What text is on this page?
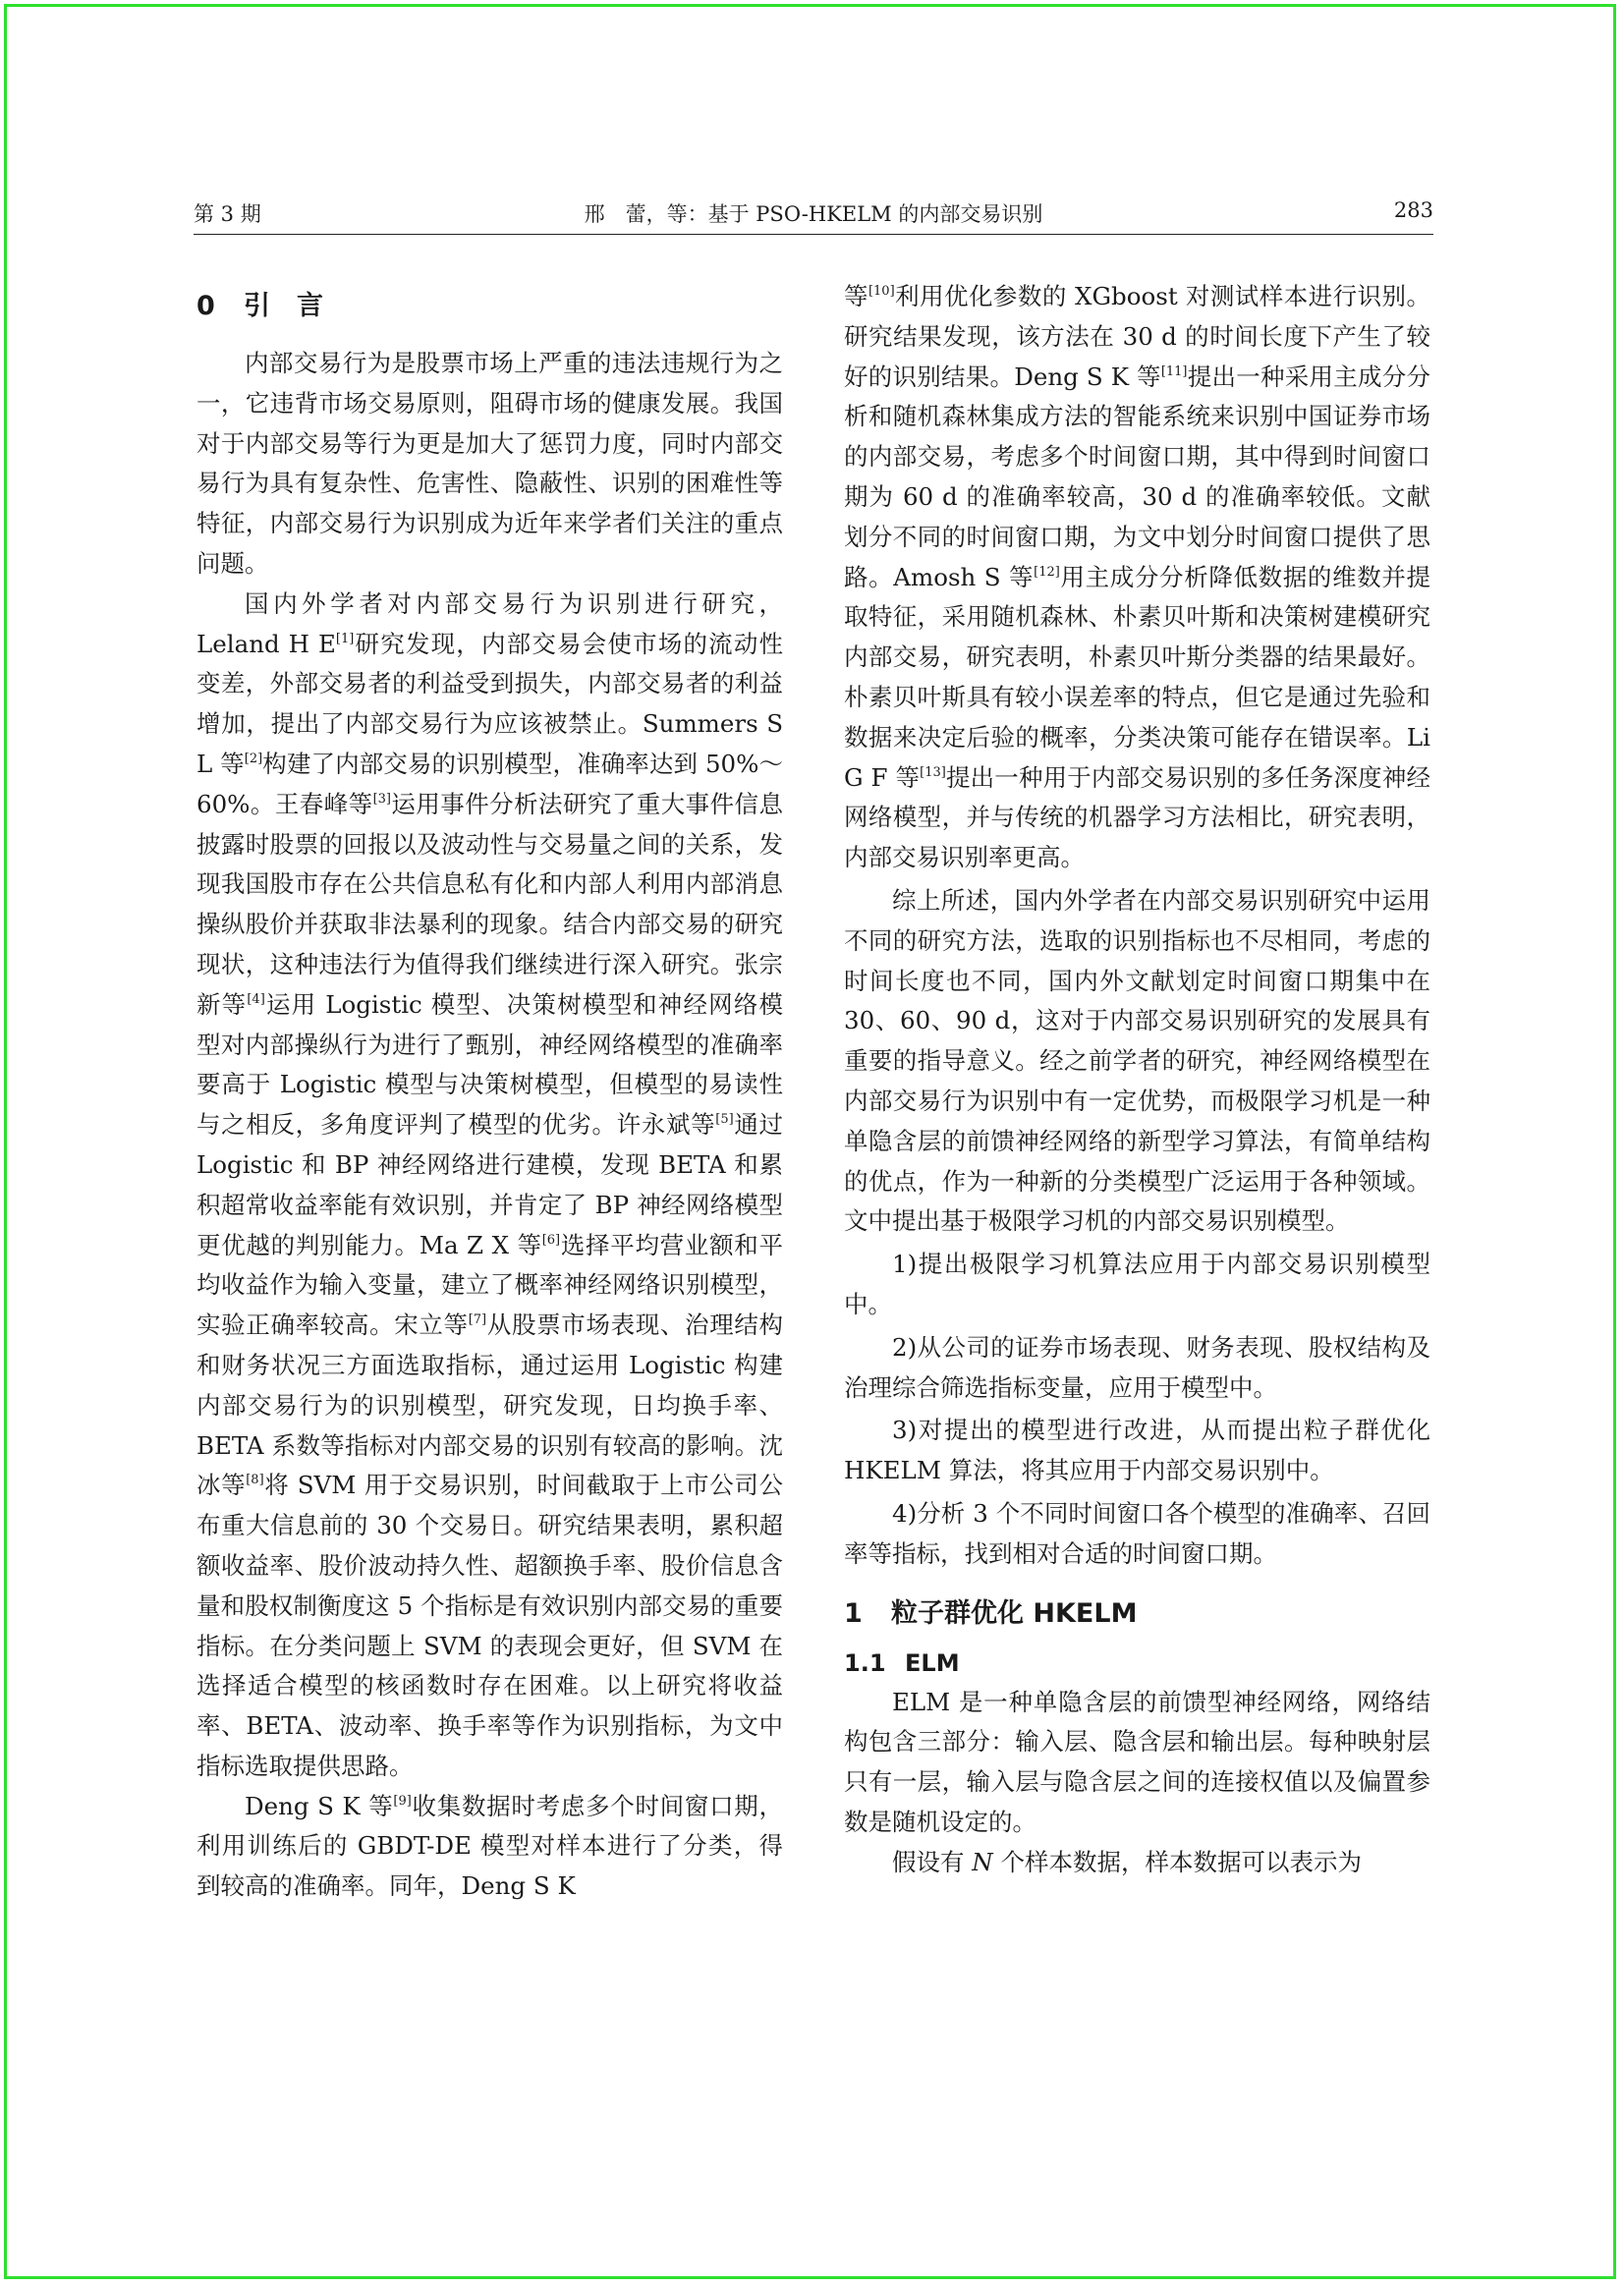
第 3 期	邢　蕾，等：基于 PSO-HKELM 的内部交易识别	283
0 引　言

内部交易行为是股票市场上严重的违法违规行为之一，它违背市场交易原则，阻碍市场的健康发展。我国对于内部交易等行为更是加大了惩罚力度，同时内部交易行为具有复杂性、危害性、隐蔽性、识别的困难性等特征，内部交易行为识别成为近年来学者们关注的重点问题。

国内外学者对内部交易行为识别进行研究，Leland H E[1]研究发现，内部交易会使市场的流动性变差，外部交易者的利益受到损失，内部交易者的利益增加，提出了内部交易行为应该被禁止。Summers S L 等[2]构建了内部交易的识别模型，准确率达到 50%～60%。王春峰等[3]运用事件分析法研究了重大事件信息披露时股票的回报以及波动性与交易量之间的关系，发现我国股市存在公共信息私有化和内部人利用内部消息操纵股价并获取非法暴利的现象。结合内部交易的研究现状，这种违法行为值得我们继续进行深入研究。张宗新等[4]运用 Logistic 模型、决策树模型和神经网络模型对内部操纵行为进行了甄别，神经网络模型的准确率要高于 Logistic 模型与决策树模型，但模型的易读性与之相反，多角度评判了模型的优劣。许永斌等[5]通过 Logistic 和 BP 神经网络进行建模，发现 BETA 和累积超常收益率能有效识别，并肯定了 BP 神经网络模型更优越的判别能力。Ma Z X 等[6]选择平均营业额和平均收益作为输入变量，建立了概率神经网络识别模型，实验正确率较高。宋立等[7]从股票市场表现、治理结构和财务状况三方面选取指标，通过运用 Logistic 构建内部交易行为的识别模型，研究发现，日均换手率、BETA 系数等指标对内部交易的识别有较高的影响。沈冰等[8]将 SVM 用于交易识别，时间截取于上市公司公布重大信息前的 30 个交易日。研究结果表明，累积超额收益率、股价波动持久性、超额换手率、股价信息含量和股权制衡度这 5 个指标是有效识别内部交易的重要指标。在分类问题上 SVM 的表现会更好，但 SVM 在选择适合模型的核函数时存在困难。以上研究将收益率、BETA、波动率、换手率等作为识别指标，为文中指标选取提供思路。

Deng S K 等[9]收集数据时考虑多个时间窗口期，利用训练后的 GBDT-DE 模型对样本进行了分类，得到较高的准确率。同年，Deng S K

等[10]利用优化参数的 XGboost 对测试样本进行识别。研究结果发现，该方法在 30 d 的时间长度下产生了较好的识别结果。Deng S K 等[11]提出一种采用主成分分析和随机森林集成方法的智能系统来识别中国证券市场的内部交易，考虑多个时间窗口期，其中得到时间窗口期为 60 d 的准确率较高，30 d 的准确率较低。文献划分不同的时间窗口期，为文中划分时间窗口提供了思路。Amosh S 等[12]用主成分分析降低数据的维数并提取特征，采用随机森林、朴素贝叶斯和决策树建模研究内部交易，研究表明，朴素贝叶斯分类器的结果最好。朴素贝叶斯具有较小误差率的特点，但它是通过先验和数据来决定后验的概率，分类决策可能存在错误率。Li G F 等[13]提出一种用于内部交易识别的多任务深度神经网络模型，并与传统的机器学习方法相比，研究表明，内部交易识别率更高。

综上所述，国内外学者在内部交易识别研究中运用不同的研究方法，选取的识别指标也不尽相同，考虑的时间长度也不同，国内外文献划定时间窗口期集中在 30、60、90 d，这对于内部交易识别研究的发展具有重要的指导意义。经之前学者的研究，神经网络模型在内部交易行为识别中有一定优势，而极限学习机是一种单隐含层的前馈神经网络的新型学习算法，有简单结构的优点，作为一种新的分类模型广泛运用于各种领域。文中提出基于极限学习机的内部交易识别模型。

1)提出极限学习机算法应用于内部交易识别模型中。

2)从公司的证券市场表现、财务表现、股权结构及治理综合筛选指标变量，应用于模型中。

3)对提出的模型进行改进，从而提出粒子群优化 HKELM 算法，将其应用于内部交易识别中。

4)分析 3 个不同时间窗口各个模型的准确率、召回率等指标，找到相对合适的时间窗口期。

1 粒子群优化 HKELM
1.1 ELM

ELM 是一种单隐含层的前馈型神经网络，网络结构包含三部分：输入层、隐含层和输出层。每种映射层只有一层，输入层与隐含层之间的连接权值以及偏置参数是随机设定的。

假设有 N 个样本数据，样本数据可以表示为
